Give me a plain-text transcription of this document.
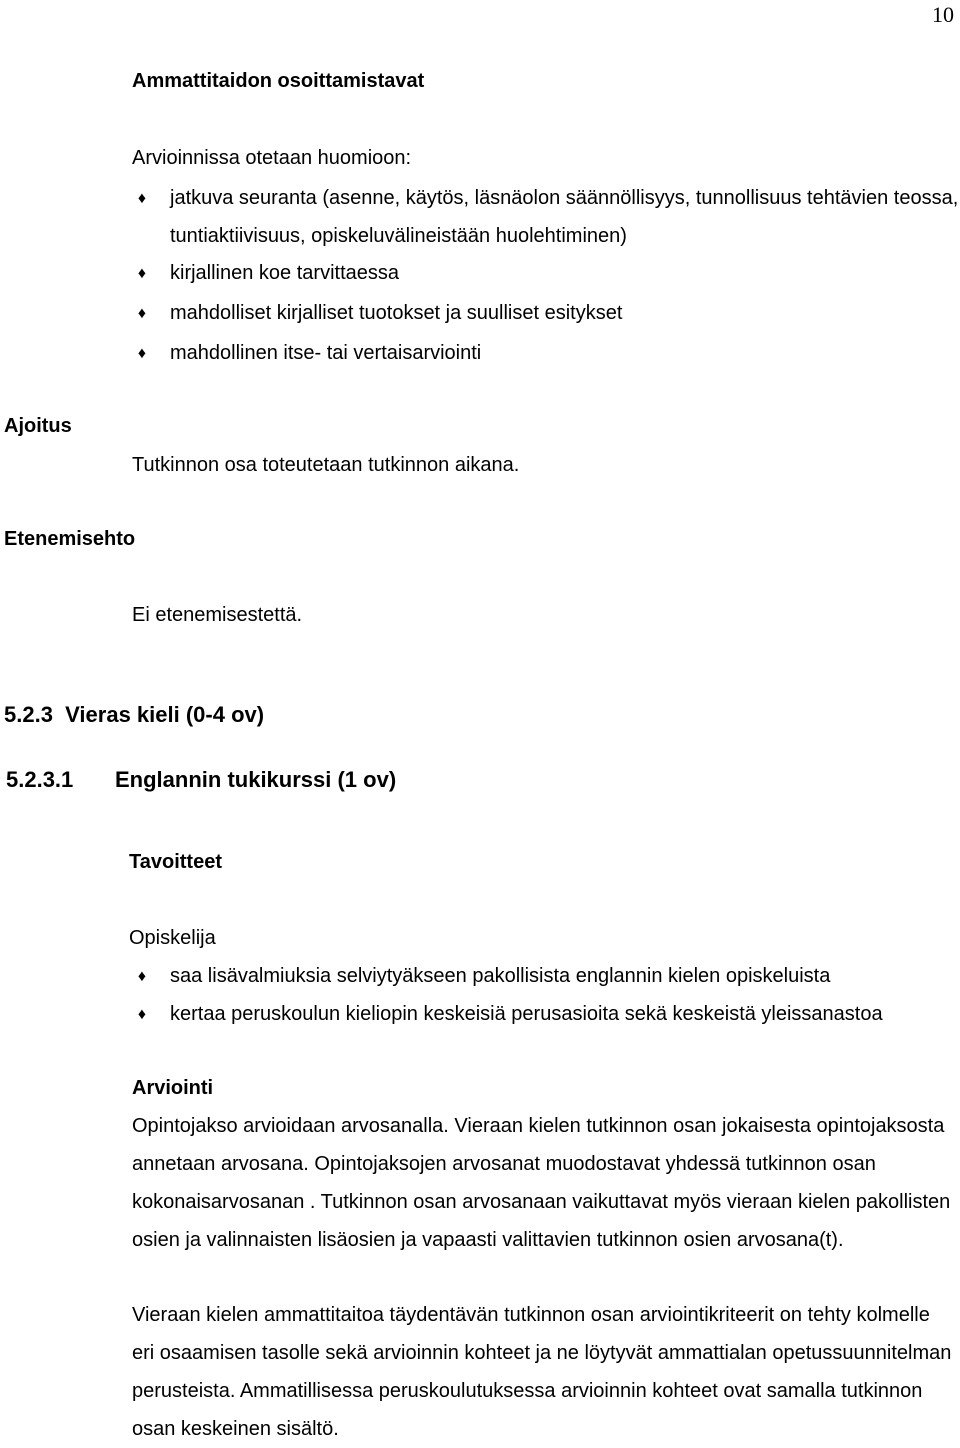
10
Ammattitaidon osoittamistavat
Arvioinnissa otetaan huomioon:
♦ jatkuva seuranta (asenne, käytös, läsnäolon säännöllisyys, tunnollisuus tehtävien teossa, tuntiaktiivisuus, opiskeluvälineistään huolehtiminen)
♦ kirjallinen koe tarvittaessa
♦ mahdolliset kirjalliset tuotokset ja suulliset esitykset
♦ mahdollinen itse- tai vertaisarviointi
Ajoitus
Tutkinnon osa toteutetaan tutkinnon aikana.
Etenemisehto
Ei etenemisestettä.
5.2.3  Vieras kieli (0-4 ov)
5.2.3.1 Englannin tukikurssi (1 ov)
Tavoitteet
Opiskelija
♦ saa lisävalmiuksia selviytyäkseen pakollisista englannin kielen opiskeluista
♦ kertaa peruskoulun kieliopin keskeisiä perusasioita sekä keskeistä yleissanastoa
Arviointi
Opintojakso arvioidaan arvosanalla. Vieraan kielen tutkinnon osan jokaisesta opintojaksosta annetaan arvosana. Opintojaksojen arvosanat muodostavat yhdessä tutkinnon osan kokonaisarvosanan . Tutkinnon osan arvosanaan vaikuttavat myös vieraan kielen pakollisten osien ja valinnaisten lisäosien ja vapaasti valittavien tutkinnon osien arvosana(t).
Vieraan kielen ammattitaitoa täydentävän tutkinnon osan arviointikriteerit on tehty kolmelle eri osaamisen tasolle sekä arvioinnin kohteet ja ne löytyvät ammattialan opetussuunnitelman perusteista. Ammatillisessa peruskoulutuksessa arvioinnin kohteet ovat samalla tutkinnon osan keskeinen sisältö.
